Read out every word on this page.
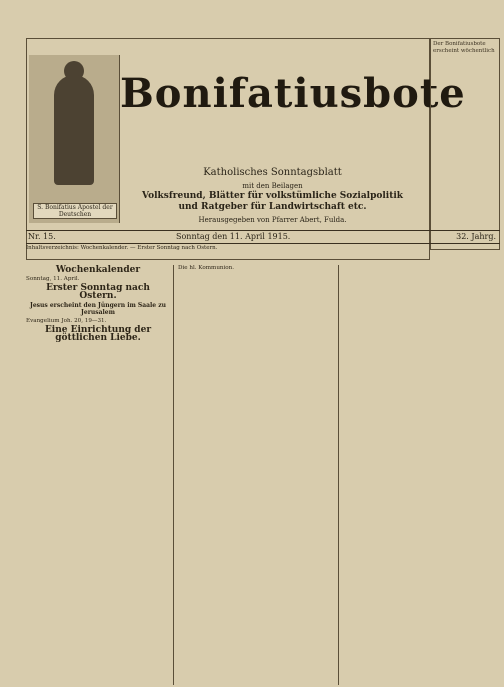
S. Bonifatius Apostel der Deutschen
Bonifatiusbote
Katholisches Sonntagsblatt
mit den Beilagen
Volksfreund, Blätter für volkstümliche Sozialpolitik
und Ratgeber für Landwirtschaft etc.
Herausgegeben von Pfarrer Abert, Fulda.
Der Bonifatiusbote erscheint wöchentlich
Nr. 15.	Sonntag den 11. April 1915.	32. Jahrg.
Inhaltsverzeichnis: Wochenkalender. — Erster Sonntag nach Ostern.
Wochenkalender
Sonntag, 11. April.
Erster Sonntag nach Ostern.
Jesus erscheint den Jüngern im Saale zu Jerusalem
Evangelium Joh. 20, 19—31.
Eine Einrichtung der göttlichen Liebe.
Die hl. Kommunion.
